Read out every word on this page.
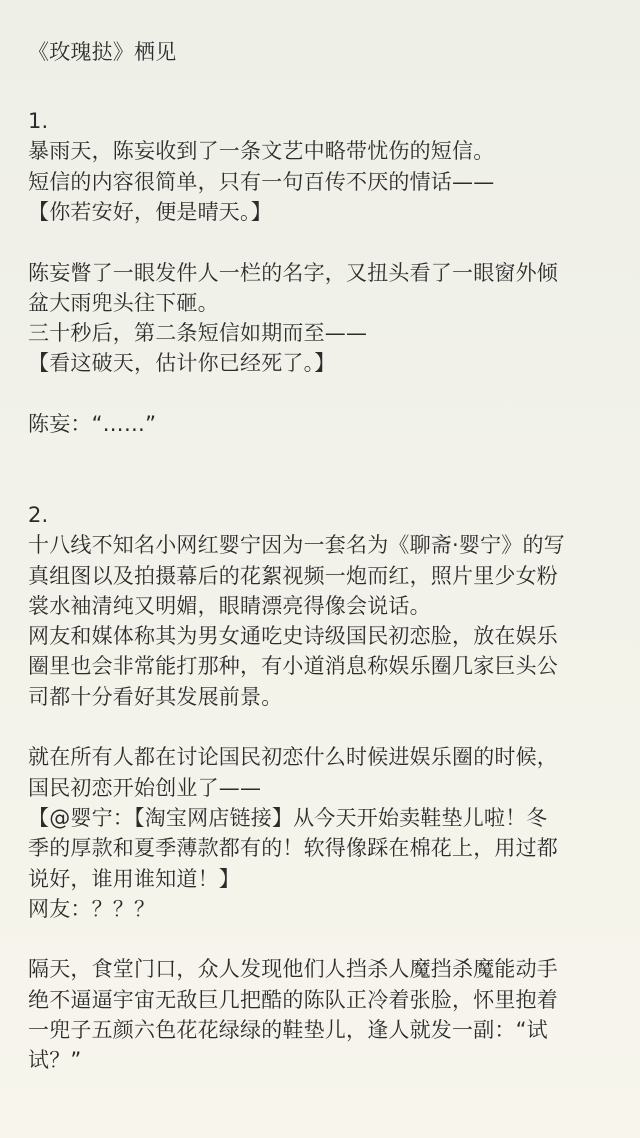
《玫瑰挞》栖见
1.
暴雨天，陈妄收到了一条文艺中略带忧伤的短信。
短信的内容很简单，只有一句百传不厌的情话——
【你若安好，便是晴天。】
陈妄瞥了一眼发件人一栏的名字，又扭头看了一眼窗外倾
盆大雨兜头往下砸。
三十秒后，第二条短信如期而至——
【看这破天，估计你已经死了。】
陈妄：“……”
2.
十八线不知名小网红婴宁因为一套名为《聊斋·婴宁》的写
真组图以及拍摄幕后的花絮视频一炮而红，照片里少女粉
裳水袖清纯又明媚，眼睛漂亮得像会说话。
网友和媒体称其为男女通吃史诗级国民初恋脸，放在娱乐
圈里也会非常能打那种，有小道消息称娱乐圈几家巨头公
司都十分看好其发展前景。
就在所有人都在讨论国民初恋什么时候进娱乐圈的时候，
国民初恋开始创业了——
【@婴宁：【淘宝网店链接】从今天开始卖鞋垫儿啦！冬
季的厚款和夏季薄款都有的！软得像踩在棉花上，用过都
说好，谁用谁知道！】
网友：？？？
隔天，食堂门口，众人发现他们人挡杀人魔挡杀魔能动手
绝不逼逼宇宙无敌巨几把酷的陈队正冷着张脸，怀里抱着
一兜子五颜六色花花绿绿的鞋垫儿，逢人就发一副：“试
试？”
